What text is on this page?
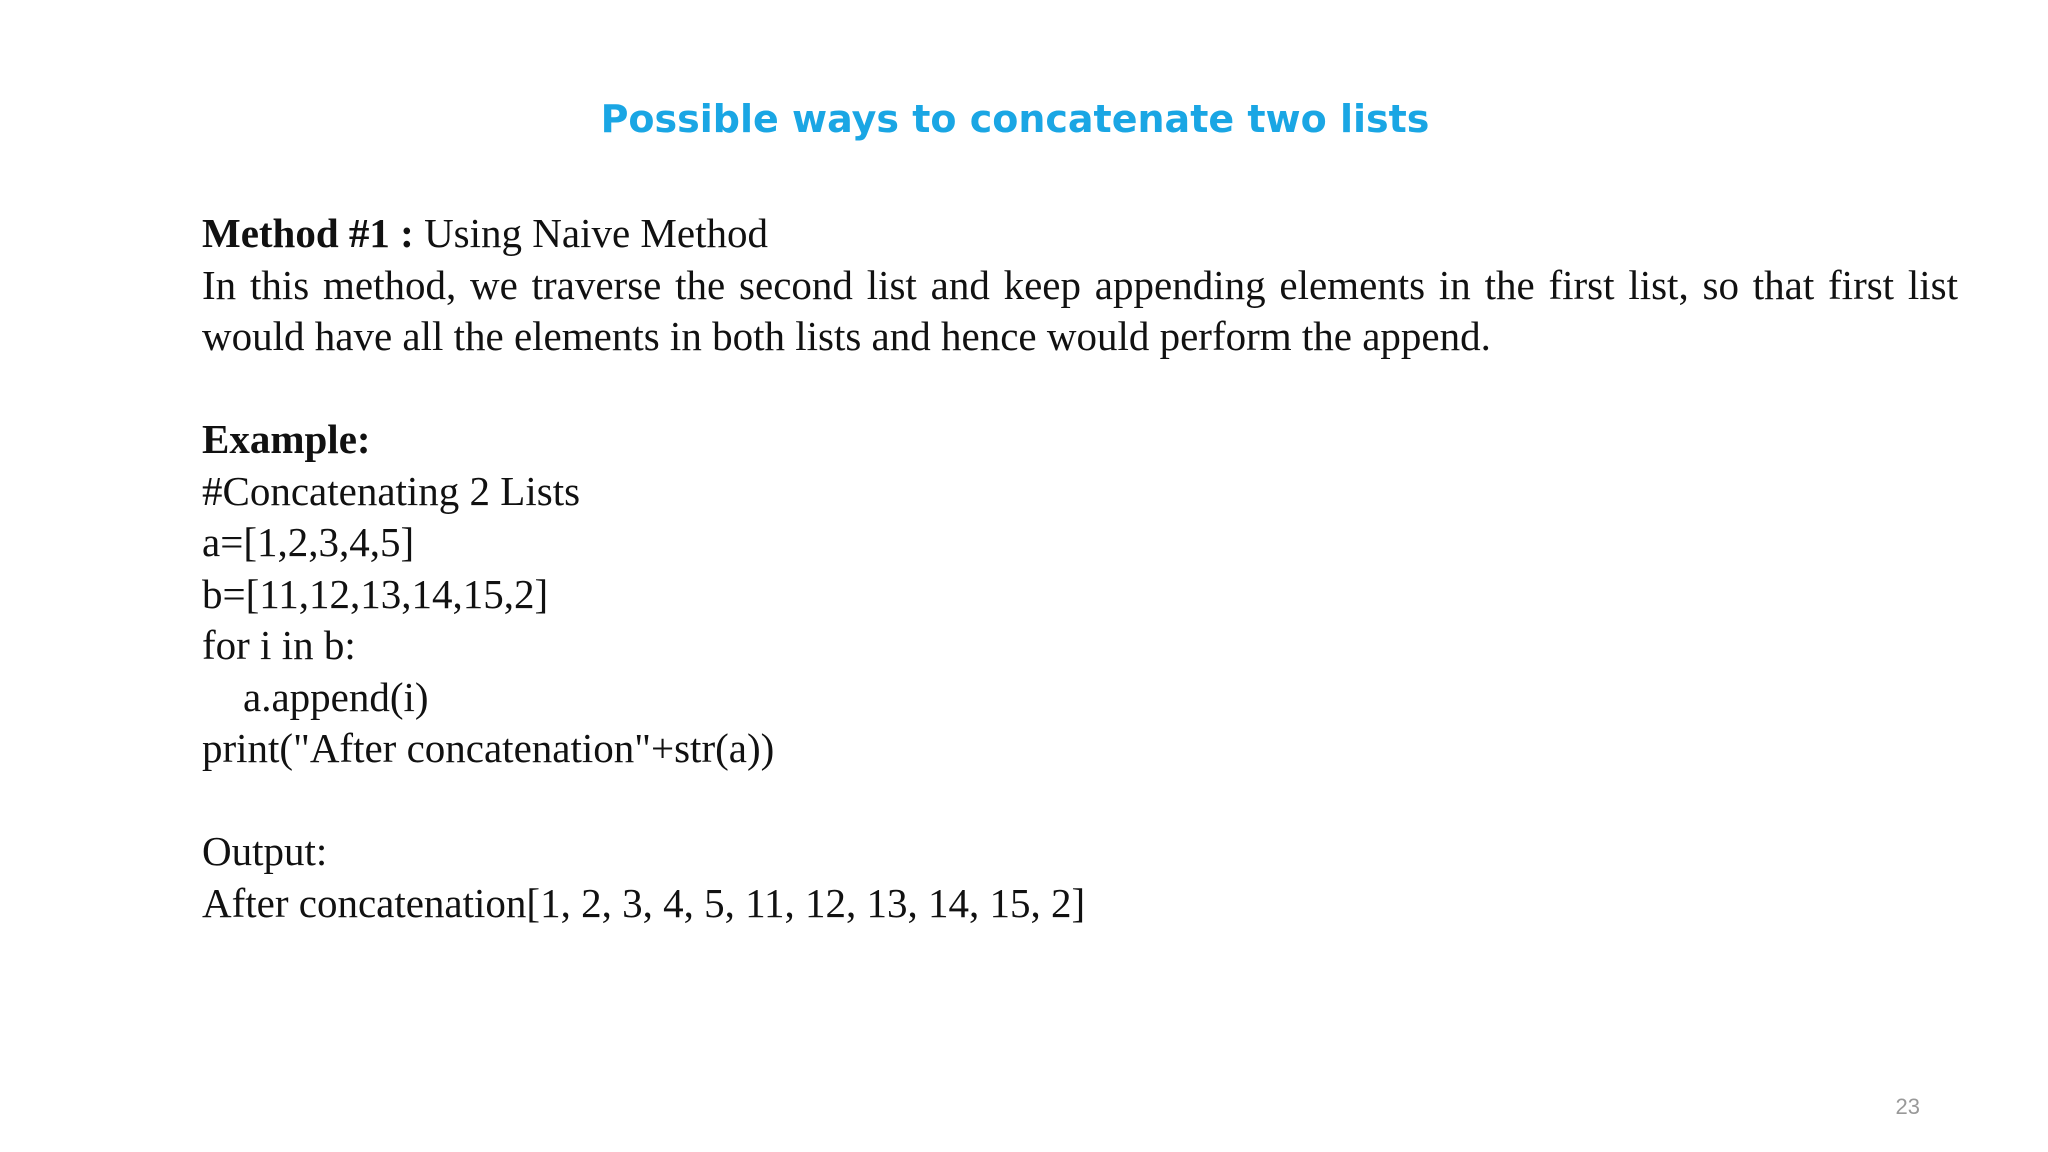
Possible ways to concatenate two lists
Method #1 : Using Naive Method
In this method, we traverse the second list and keep appending elements in the first list, so that first list would have all the elements in both lists and hence would perform the append.
Example:
#Concatenating 2 Lists
a=[1,2,3,4,5]
b=[11,12,13,14,15,2]
for i in b:
a.append(i)
print("After concatenation"+str(a))
Output:
After concatenation[1, 2, 3, 4, 5, 11, 12, 13, 14, 15, 2]
23
